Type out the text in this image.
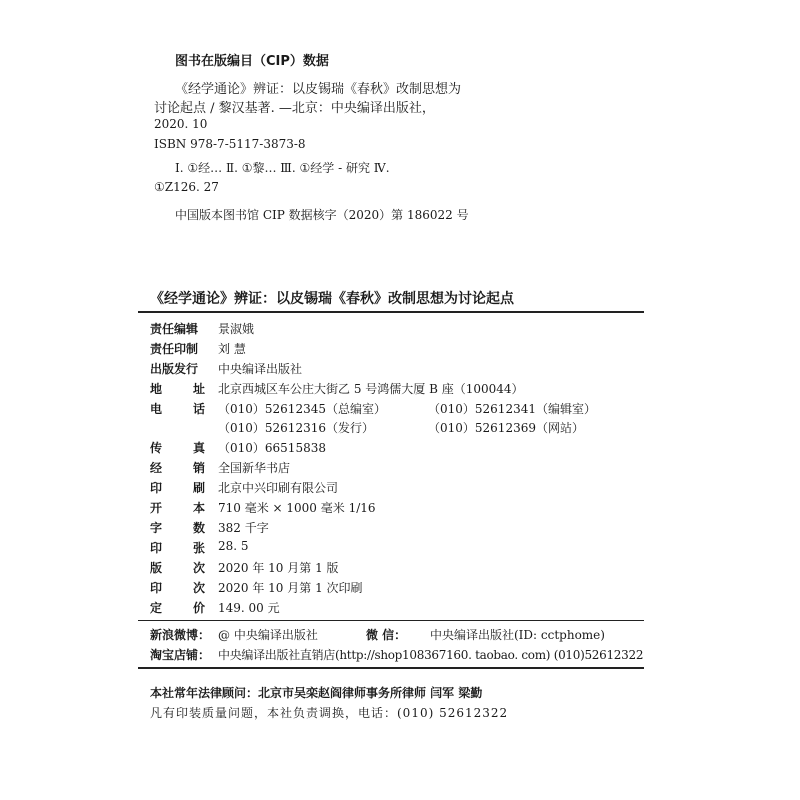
图书在版编目（CIP）数据
《经学通论》辨证：以皮锡瑞《春秋》改制思想为
讨论起点 / 黎汉基著. —北京：中央编译出版社，
2020. 10
ISBN 978-7-5117-3873-8
Ⅰ. ①经… Ⅱ. ①黎… Ⅲ. ①经学 - 研究 Ⅳ.
①Z126. 27
中国版本图书馆 CIP 数据核字（2020）第 186022 号
《经学通论》辨证：以皮锡瑞《春秋》改制思想为讨论起点
责任编辑 景淑娥
责任印制 刘 慧
出版发行 中央编译出版社
地	址 北京西城区车公庄大街乙 5 号鸿儒大厦 B 座（100044）
电	话 （010）52612345（总编室）	（010）52612341（编辑室）
（010）52612316（发行）	（010）52612369（网站）
传	真 （010）66515838
经	销 全国新华书店
印	刷 北京中兴印刷有限公司
开	本 710 毫米 × 1000 毫米 1/16
字	数 382 千字
印	张 28. 5
版	次 2020 年 10 月第 1 版
印	次 2020 年 10 月第 1 次印刷
定	价 149. 00 元
新浪微博： @ 中央编译出版社	微 信： 中央编译出版社(ID: cctphome)
淘宝店铺： 中央编译出版社直销店(http://shop108367160. taobao. com) (010)52612322
本社常年法律顾问：北京市吴栾赵阎律师事务所律师 闫军 梁勤
凡有印装质量问题，本社负责调换，电话：(010) 52612322
